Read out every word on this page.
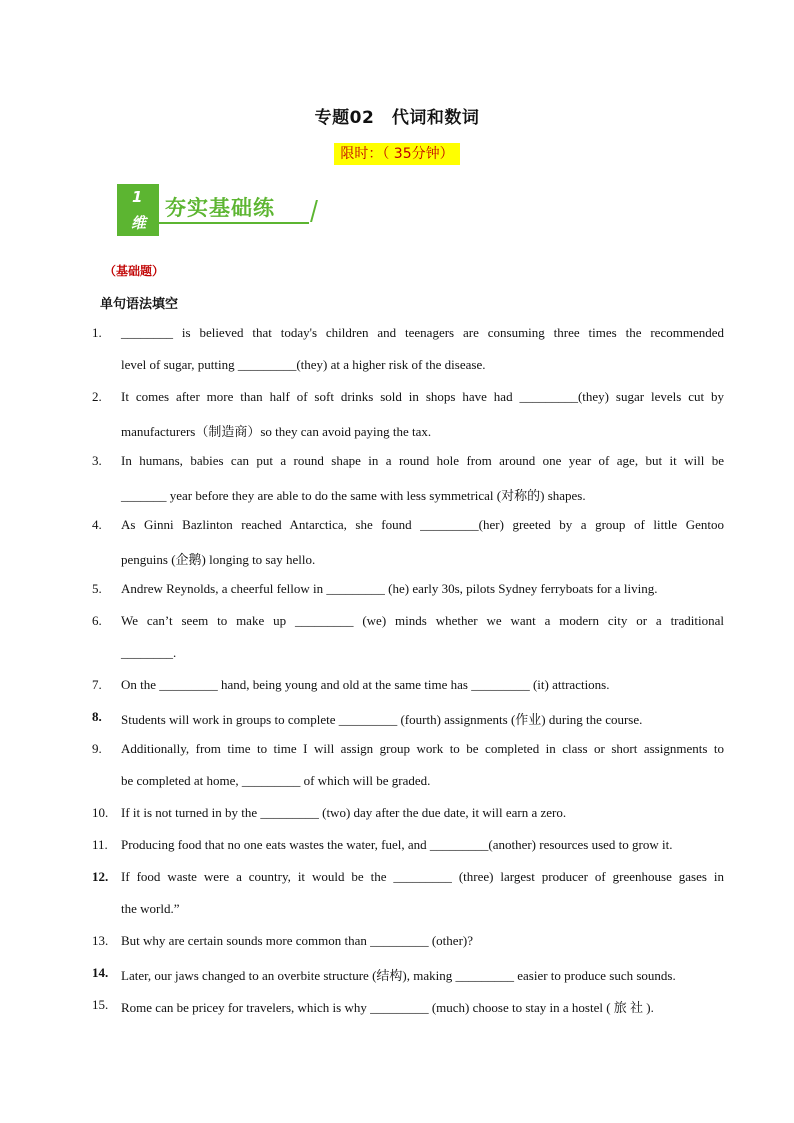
专题02　代词和数词
限时：（ 35分钟）
1
维
夯实基础练
（基础题）
单句语法填空
1.	________ is believed that today's children and teenagers are consuming three times the recommended
level of sugar, putting _________(they) at a higher risk of the disease.
2.	It comes after more than half of soft drinks sold in shops have had _________(they) sugar levels cut by
manufacturers（制造商）so they can avoid paying the tax.
3.	In humans, babies can put a round shape in a round hole from around one year of age, but it will be
_______ year before they are able to do the same with less symmetrical (对称的) shapes.
4.	As Ginni Bazlinton reached Antarctica, she found _________(her) greeted by a group of little Gentoo
penguins (企鹅) longing to say hello.
5.	Andrew Reynolds, a cheerful fellow in _________ (he) early 30s, pilots Sydney ferryboats for a living.
6.	We can’t seem to make up _________ (we) minds whether we want a modern city or a traditional
________.
7.	On the _________ hand, being young and old at the same time has _________ (it) attractions.
8.	Students will work in groups to complete _________ (fourth) assignments (作业) during the course.
9.	Additionally, from time to time I will assign group work to be completed in class or short assignments to
be completed at home, _________ of which will be graded.
10. If it is not turned in by the _________ (two) day after the due date, it will earn a zero.
11.	Producing food that no one eats wastes the water, fuel, and _________(another) resources used to grow it.
12. If food waste were a country, it would be the _________ (three) largest producer of greenhouse gases in
the world.”
13. But why are certain sounds more common than _________ (other)?
14. Later, our jaws changed to an overbite structure (结构), making _________ easier to produce such sounds.
15. Rome can be pricey for travelers, which is why _________ (much) choose to stay in a hostel ( 旅 社 ).
